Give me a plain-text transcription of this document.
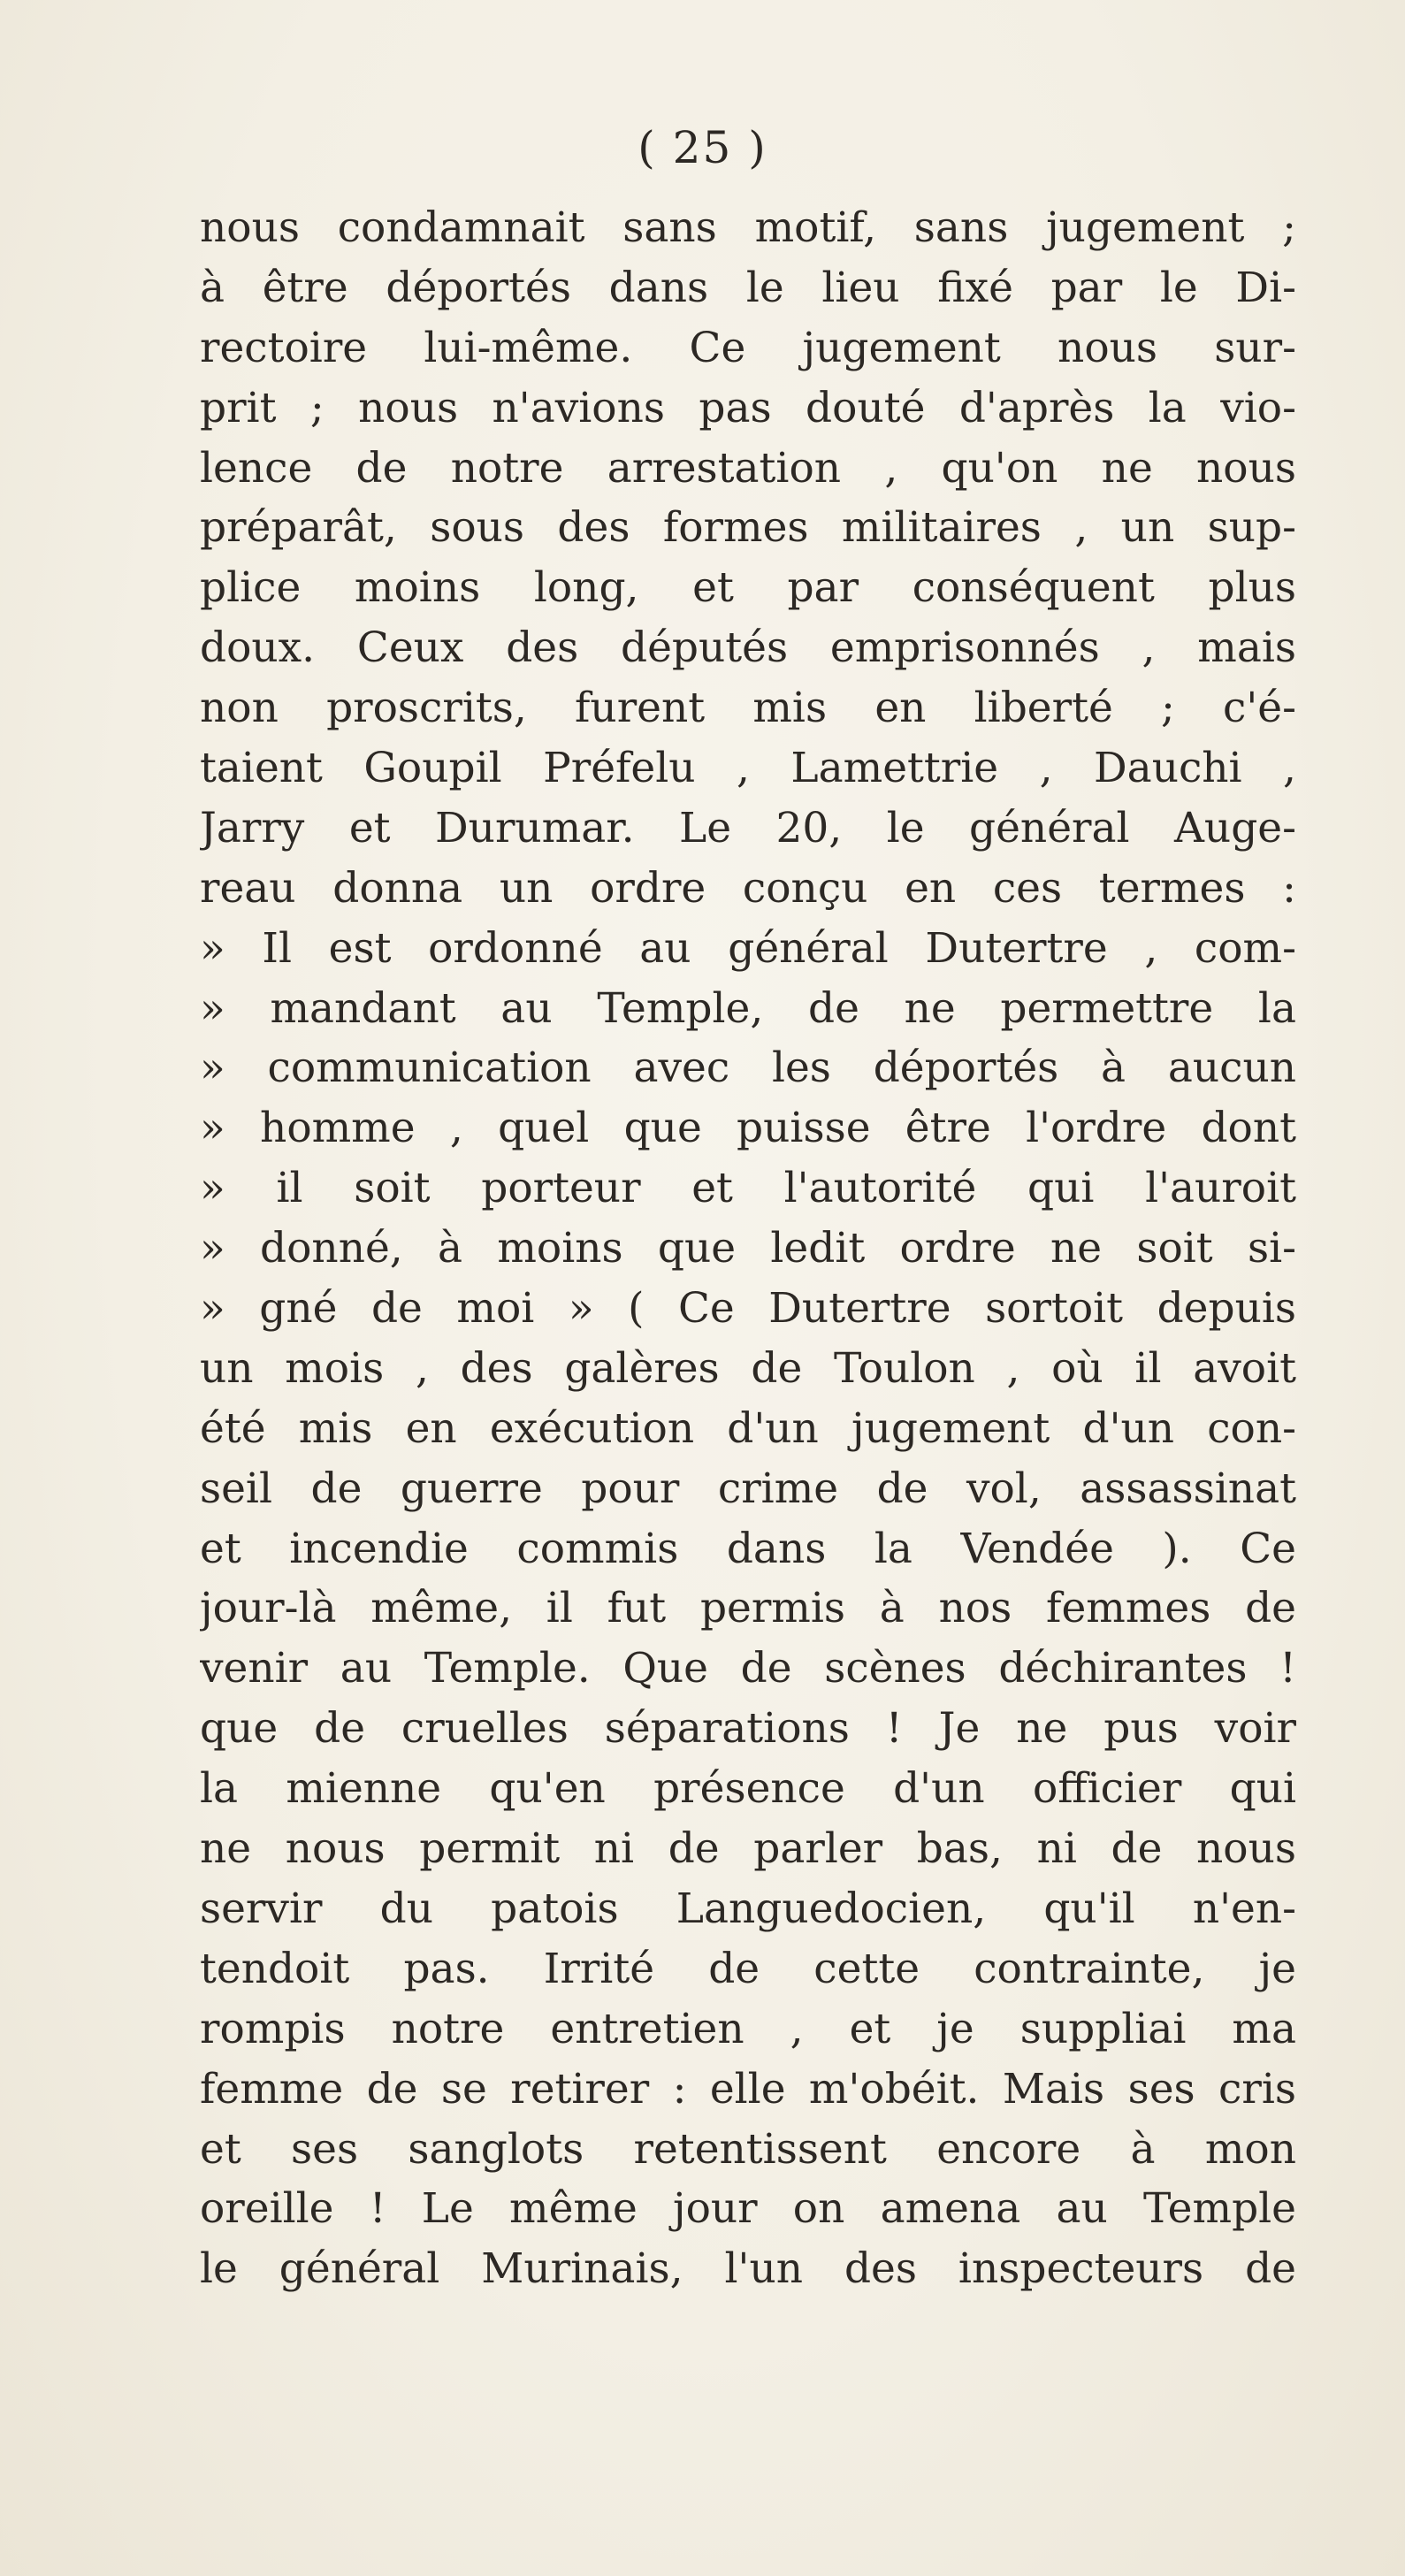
( 25 )
nous condamnait sans motif, sans jugement ;
à être déportés dans le lieu fixé par le Di-
rectoire lui-même. Ce jugement nous sur-
prit ; nous n'avions pas douté d'après la vio-
lence de notre arrestation , qu'on ne nous
préparât, sous des formes militaires , un sup-
plice moins long, et par conséquent plus
doux. Ceux des députés emprisonnés , mais
non proscrits, furent mis en liberté ; c'é-
taient Goupil Préfelu , Lamettrie , Dauchi ,
Jarry et Durumar. Le 20, le général Auge-
reau donna un ordre conçu en ces termes :
» Il est ordonné au général Dutertre , com-
» mandant au Temple, de ne permettre la
» communication avec les déportés à aucun
» homme , quel que puisse être l'ordre dont
» il soit porteur et l'autorité qui l'auroit
» donné, à moins que ledit ordre ne soit si-
» gné de moi » ( Ce Dutertre sortoit depuis
un mois , des galères de Toulon , où il avoit
été mis en exécution d'un jugement d'un con-
seil de guerre pour crime de vol, assassinat
et incendie commis dans la Vendée ). Ce
jour-là même, il fut permis à nos femmes de
venir au Temple. Que de scènes déchirantes !
que de cruelles séparations ! Je ne pus voir
la mienne qu'en présence d'un officier qui
ne nous permit ni de parler bas, ni de nous
servir du patois Languedocien, qu'il n'en-
tendoit pas. Irrité de cette contrainte, je
rompis notre entretien , et je suppliai ma
femme de se retirer : elle m'obéit. Mais ses cris
et ses sanglots retentissent encore à mon
oreille ! Le même jour on amena au Temple
le général Murinais, l'un des inspecteurs de
